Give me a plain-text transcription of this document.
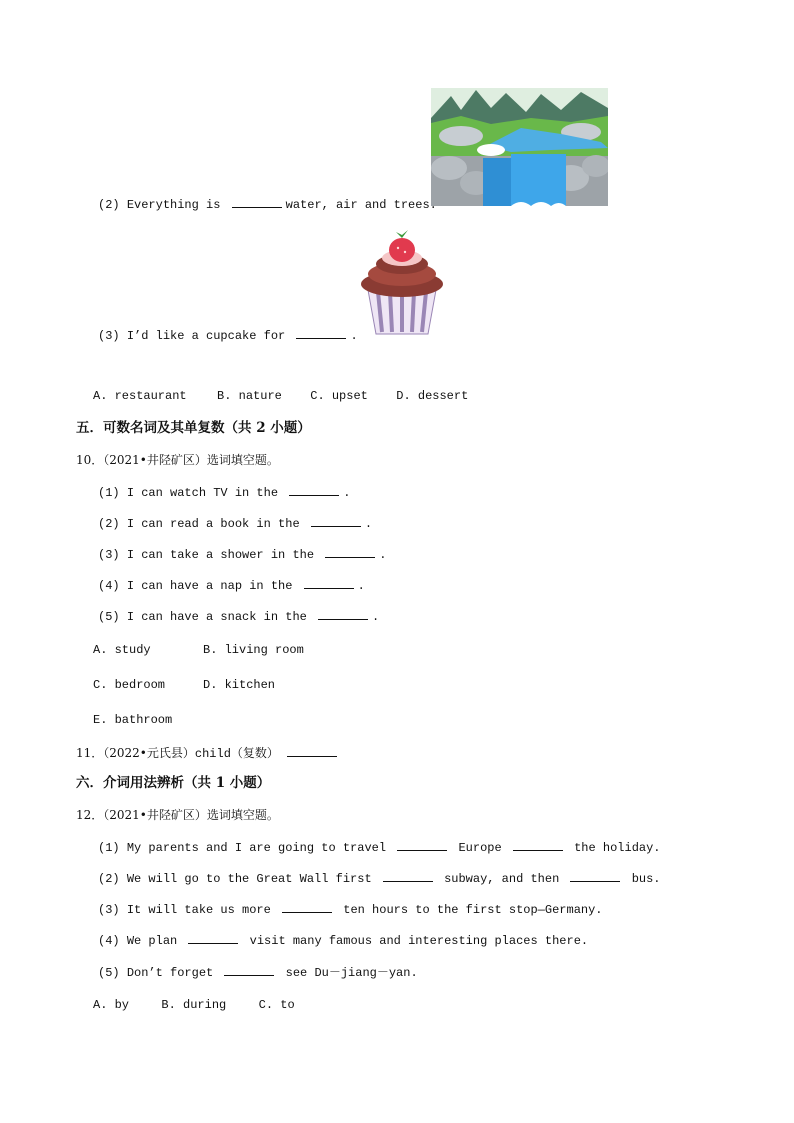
(2) Everything is	water, air and trees.
(3) I’d like a cupcake for	.
A. restaurant	B. nature C. upset D. dessert
五．可数名词及其单复数（共 2 小题）
10．（2021•井陉矿区）选词填空题。
(1) I can watch TV in the	.
(2) I can read a book in the	.
(3) I can take a shower in the	.
(4) I can have a nap in the	.
(5) I can have a snack in the	.
A. study	B. living room
C. bedroom	D. kitchen
E. bathroom
11．（2022•元氏县）child（复数）
六．介词用法辨析（共 1 小题）
12．（2021•井陉矿区）选词填空题。
(1) My parents and I are going to travel	Europe	the holiday.
(2) We will go to the Great Wall first	subway, and then	bus.
(3) It will take us more	ten hours to the first stop—Germany.
(4) We plan	visit many famous and interesting places there.
(5) Don’t forget	see Du－jiang－yan.
A. by	B. during	C. to
